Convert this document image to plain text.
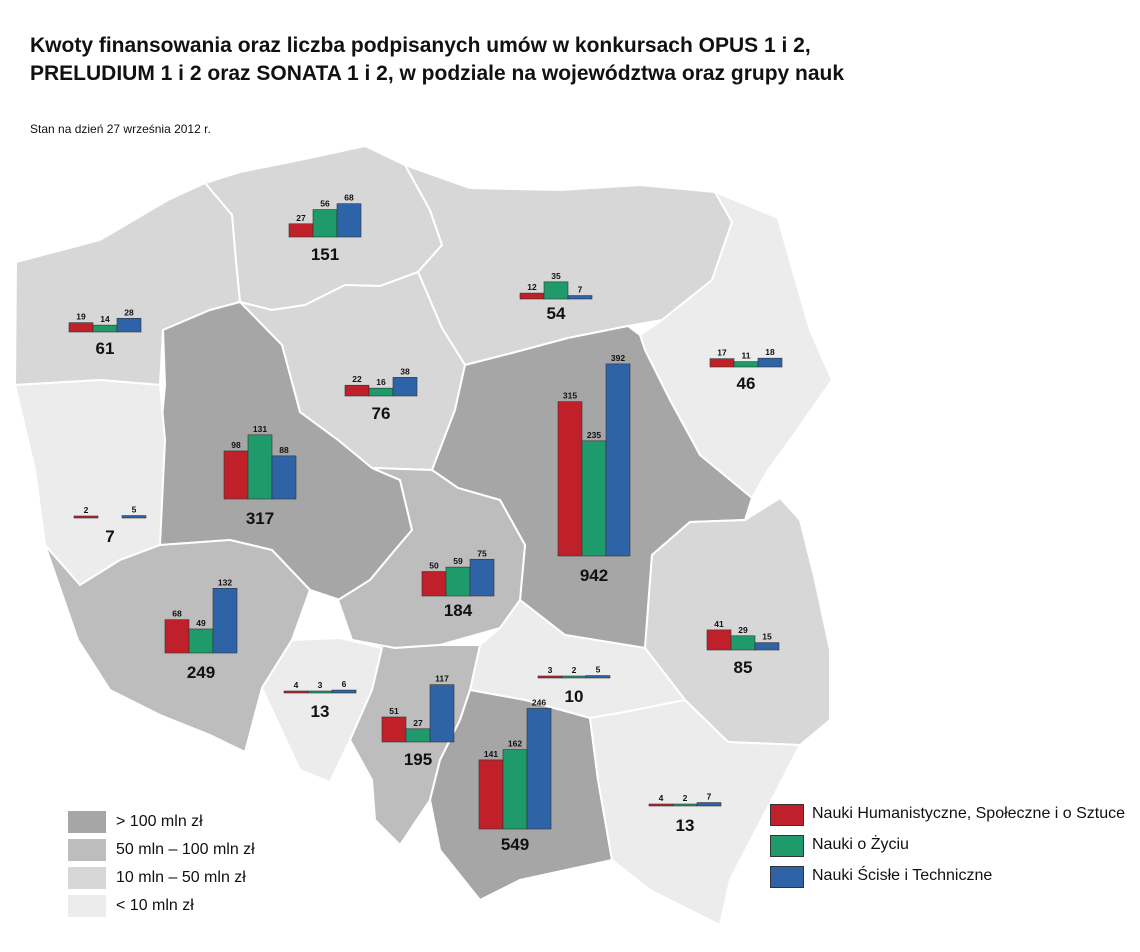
Kwoty finansowania oraz liczba podpisanych umów w konkursach OPUS 1 i 2, PRELUDIUM 1 i 2 oraz SONATA 1 i 2, w podziale na województwa oraz grupy nauk
Stan na dzień 27 września 2012 r.
27
56
68
151
12
35
7
54
19 14
28
61
22 16
38
76
17 11 18
46
98
131
88
317
315
235
392
942
2	5
7
50 59
75
184
68
49
132
249
41
29
15
85
4 3 6
13
3 2 5
10
51
27
117
195	141
162
246
549
4 2 7
13
> 100 mln zł
50 mln – 100 mln zł
10 mln – 50 mln zł
< 10 mln zł
Nauki Humanistyczne, Społeczne i o Sztuce
Nauki o Życiu
Nauki Ścisłe i Techniczne
